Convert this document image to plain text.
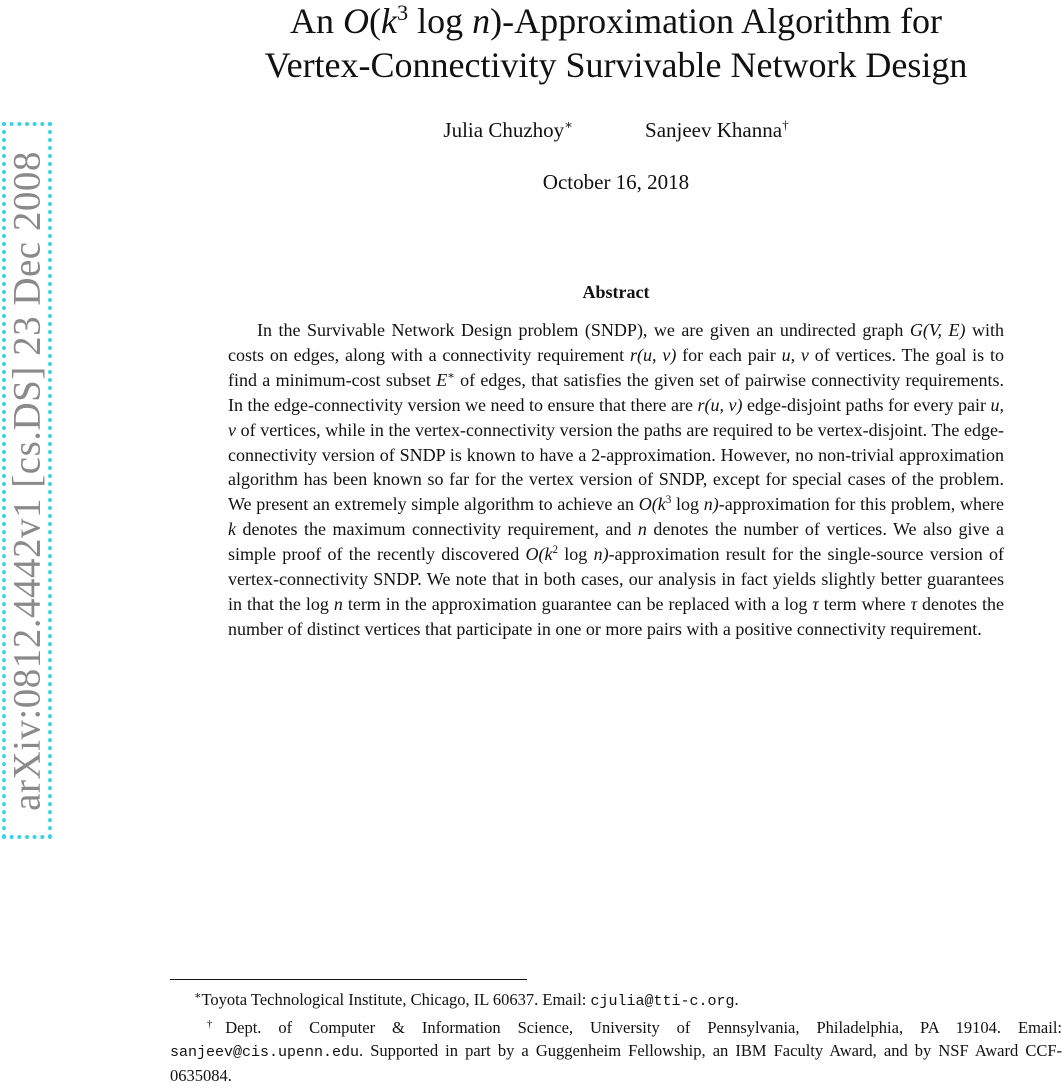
arXiv:0812.4442v1 [cs.DS] 23 Dec 2008
An $O(k^3$ log n)-Approximation Algorithm for
Vertex-Connectivity Survivable Network Design
Julia Chuzhoy∗	Sanjeev Khanna†
October 16, 2018
Abstract
In the Survivable Network Design problem (SNDP), we are given an undirected graph G(V, E) with costs on edges, along with a connectivity requirement r(u, v) for each pair u, v of vertices. The goal is to find a minimum-cost subset E∗ of edges, that satisfies the given set of pairwise connectivity requirements. In the edge-connectivity version we need to ensure that there are r(u, v) edge-disjoint paths for every pair u, v of vertices, while in the vertex-connectivity version the paths are required to be vertex-disjoint. The edge-connectivity version of SNDP is known to have a 2-approximation. However, no non-trivial approximation algorithm has been known so far for the vertex version of SNDP, except for special cases of the problem. We present an extremely simple algorithm to achieve an $O(k^3$ log n)-approximation for this problem, where k denotes the maximum connectivity requirement, and n denotes the number of vertices. We also give a simple proof of the recently discovered $O(k^2$ log n)-approximation result for the single-source version of vertex-connectivity SNDP. We note that in both cases, our analysis in fact yields slightly better guarantees in that the log n term in the approximation guarantee can be replaced with a log τ term where τ denotes the number of distinct vertices that participate in one or more pairs with a positive connectivity requirement.

∗Toyota Technological Institute, Chicago, IL 60637. Email: cjulia@tti-c.org.

†Dept. of Computer & Information Science, University of Pennsylvania, Philadelphia, PA 19104. Email: sanjeev@cis.upenn.edu. Supported in part by a Guggenheim Fellowship, an IBM Faculty Award, and by NSF Award CCF-0635084.
